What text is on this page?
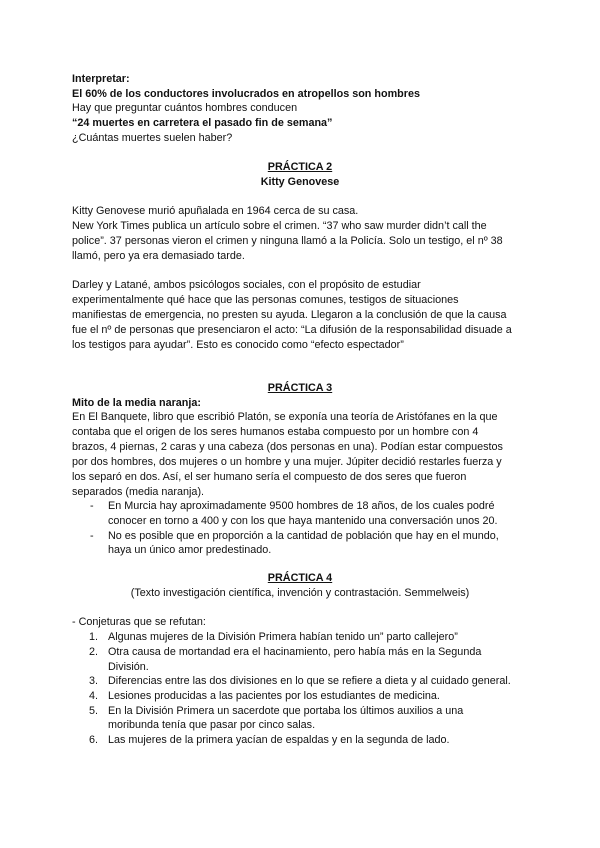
Interpretar:
El 60% de los conductores involucrados en atropellos son hombres
Hay que preguntar cuántos hombres conducen
“24 muertes en carretera el pasado fin de semana”
¿Cuántas muertes suelen haber?
PRÁCTICA 2
Kitty Genovese
Kitty Genovese murió apuñalada en 1964 cerca de su casa.
New York Times publica un artículo sobre el crimen. “37 who saw murder didn’t call the
police”. 37 personas vieron el crimen y ninguna llamó a la Policía. Solo un testigo, el nº 38
llamó, pero ya era demasiado tarde.
Darley y Latané, ambos psicólogos sociales, con el propósito de estudiar
experimentalmente qué hace que las personas comunes, testigos de situaciones
manifiestas de emergencia, no presten su ayuda. Llegaron a la conclusión de que la causa
fue el nº de personas que presenciaron el acto: “La difusión de la responsabilidad disuade a
los testigos para ayudar”. Esto es conocido como “efecto espectador”
PRÁCTICA 3
Mito de la media naranja:
En El Banquete, libro que escribió Platón, se exponía una teoría de Aristófanes en la que
contaba que el origen de los seres humanos estaba compuesto por un hombre con 4
brazos, 4 piernas, 2 caras y una cabeza (dos personas en una). Podían estar compuestos
por dos hombres, dos mujeres o un hombre y una mujer. Júpiter decidió restarles fuerza y
los separó en dos. Así, el ser humano sería el compuesto de dos seres que fueron
separados (media naranja).
- En Murcia hay aproximadamente 9500 hombres de 18 años, de los cuales podré
conocer en torno a 400 y con los que haya mantenido una conversación unos 20.
- No es posible que en proporción a la cantidad de población que hay en el mundo,
haya un único amor predestinado.
PRÁCTICA 4
(Texto investigación científica, invención y contrastación. Semmelweis)
- Conjeturas que se refutan:
1. Algunas mujeres de la División Primera habían tenido un” parto callejero”
2. Otra causa de mortandad era el hacinamiento, pero había más en la Segunda
División.
3. Diferencias entre las dos divisiones en lo que se refiere a dieta y al cuidado general.
4. Lesiones producidas a las pacientes por los estudiantes de medicina.
5. En la División Primera un sacerdote que portaba los últimos auxilios a una
moribunda tenía que pasar por cinco salas.
6. Las mujeres de la primera yacían de espaldas y en la segunda de lado.
